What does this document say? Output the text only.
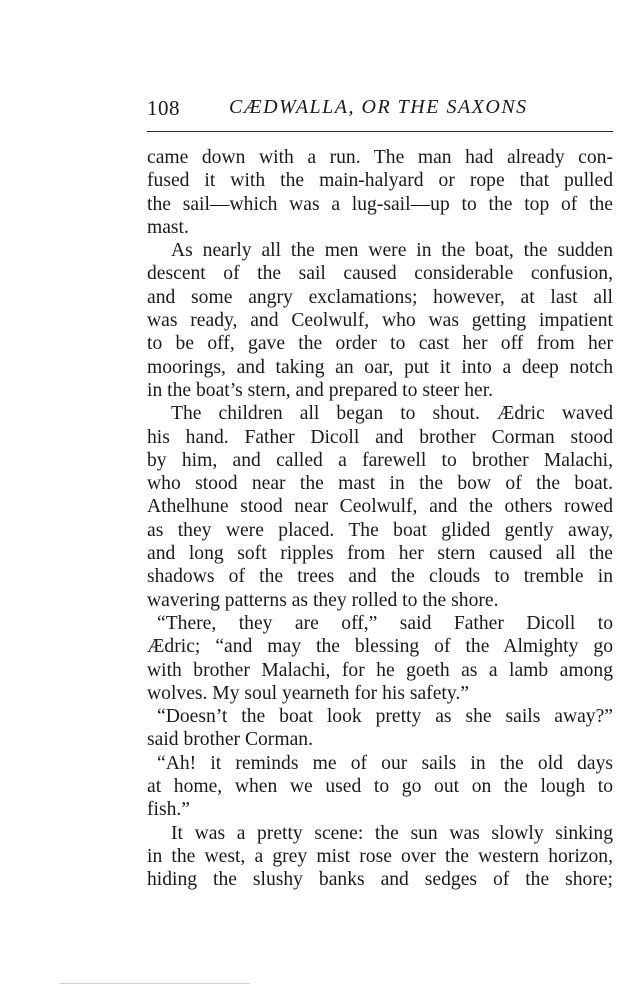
108 CÆDWALLA, OR THE SAXONS
came down with a run. The man had already con-
fused it with the main-halyard or rope that pulled
the sail—which was a lug-sail—up to the top of the
mast.
As nearly all the men were in the boat, the sudden
descent of the sail caused considerable confusion,
and some angry exclamations; however, at last all
was ready, and Ceolwulf, who was getting impatient
to be off, gave the order to cast her off from her
moorings, and taking an oar, put it into a deep notch
in the boat’s stern, and prepared to steer her.
The children all began to shout. Ædric waved
his hand. Father Dicoll and brother Corman stood
by him, and called a farewell to brother Malachi,
who stood near the mast in the bow of the boat.
Athelhune stood near Ceolwulf, and the others rowed
as they were placed. The boat glided gently away,
and long soft ripples from her stern caused all the
shadows of the trees and the clouds to tremble in
wavering patterns as they rolled to the shore.
“There, they are off,” said Father Dicoll to
Ædric; “and may the blessing of the Almighty go
with brother Malachi, for he goeth as a lamb among
wolves. My soul yearneth for his safety.”
“Doesn’t the boat look pretty as she sails away?”
said brother Corman.
“Ah! it reminds me of our sails in the old days
at home, when we used to go out on the lough to
fish.”
It was a pretty scene: the sun was slowly sinking
in the west, a grey mist rose over the western horizon,
hiding the slushy banks and sedges of the shore;
